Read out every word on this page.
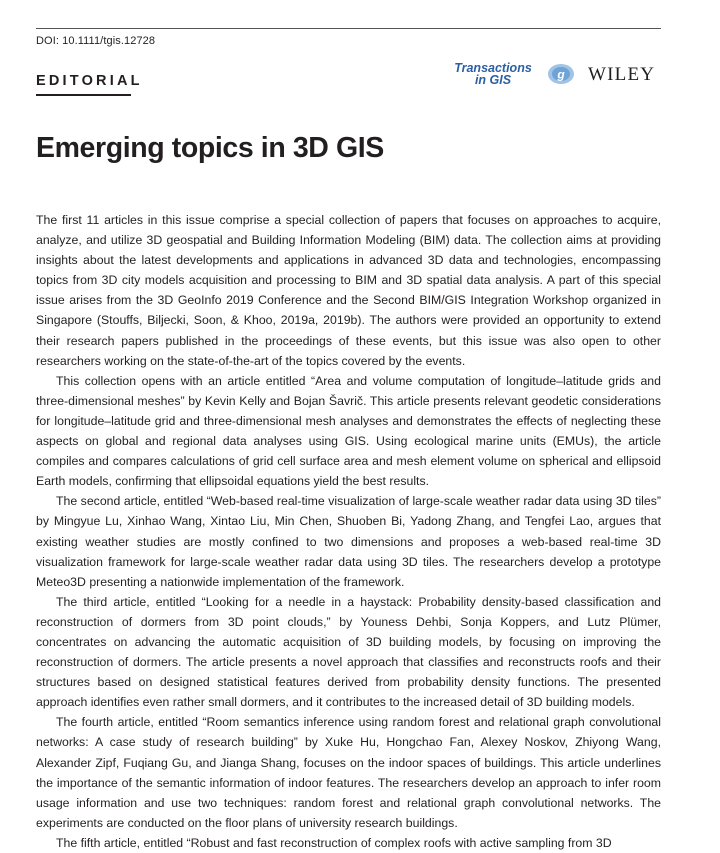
DOI: 10.1111/tgis.12728
EDITORIAL
Transactions
in GIS	g WILEY
Emerging topics in 3D GIS

The first 11 articles in this issue comprise a special collection of papers that focuses on approaches to acquire, analyze, and utilize 3D geospatial and Building Information Modeling (BIM) data. The collection aims at providing insights about the latest developments and applications in advanced 3D data and technologies, encompassing topics from 3D city models acquisition and processing to BIM and 3D spatial data analysis. A part of this special issue arises from the 3D GeoInfo 2019 Conference and the Second BIM/GIS Integration Workshop organized in Singapore (Stouffs, Biljecki, Soon, & Khoo, 2019a, 2019b). The authors were provided an opportunity to extend their research papers published in the proceedings of these events, but this issue was also open to other researchers working on the state-of-the-art of the topics covered by the events.

This collection opens with an article entitled “Area and volume computation of longitude–latitude grids and three-dimensional meshes” by Kevin Kelly and Bojan Šavrič. This article presents relevant geodetic considerations for longitude–latitude grid and three-dimensional mesh analyses and demonstrates the effects of neglecting these aspects on global and regional data analyses using GIS. Using ecological marine units (EMUs), the article compiles and compares calculations of grid cell surface area and mesh element volume on spherical and ellipsoid Earth models, confirming that ellipsoidal equations yield the best results.

The second article, entitled “Web-based real-time visualization of large-scale weather radar data using 3D tiles” by Mingyue Lu, Xinhao Wang, Xintao Liu, Min Chen, Shuoben Bi, Yadong Zhang, and Tengfei Lao, argues that existing weather studies are mostly confined to two dimensions and proposes a web-based real-time 3D visualization framework for large-scale weather radar data using 3D tiles. The researchers develop a prototype Meteo3D presenting a nationwide implementation of the framework.

The third article, entitled “Looking for a needle in a haystack: Probability density-based classification and reconstruction of dormers from 3D point clouds,” by Youness Dehbi, Sonja Koppers, and Lutz Plümer, concentrates on advancing the automatic acquisition of 3D building models, by focusing on improving the reconstruction of dormers. The article presents a novel approach that classifies and reconstructs roofs and their structures based on designed statistical features derived from probability density functions. The presented approach identifies even rather small dormers, and it contributes to the increased detail of 3D building models.

The fourth article, entitled “Room semantics inference using random forest and relational graph convolutional networks: A case study of research building” by Xuke Hu, Hongchao Fan, Alexey Noskov, Zhiyong Wang, Alexander Zipf, Fuqiang Gu, and Jianga Shang, focuses on the indoor spaces of buildings. This article underlines the importance of the semantic information of indoor features. The researchers develop an approach to infer room usage information and use two techniques: random forest and relational graph convolutional networks. The experiments are conducted on the floor plans of university research buildings.

The fifth article, entitled “Robust and fast reconstruction of complex roofs with active sampling from 3D
